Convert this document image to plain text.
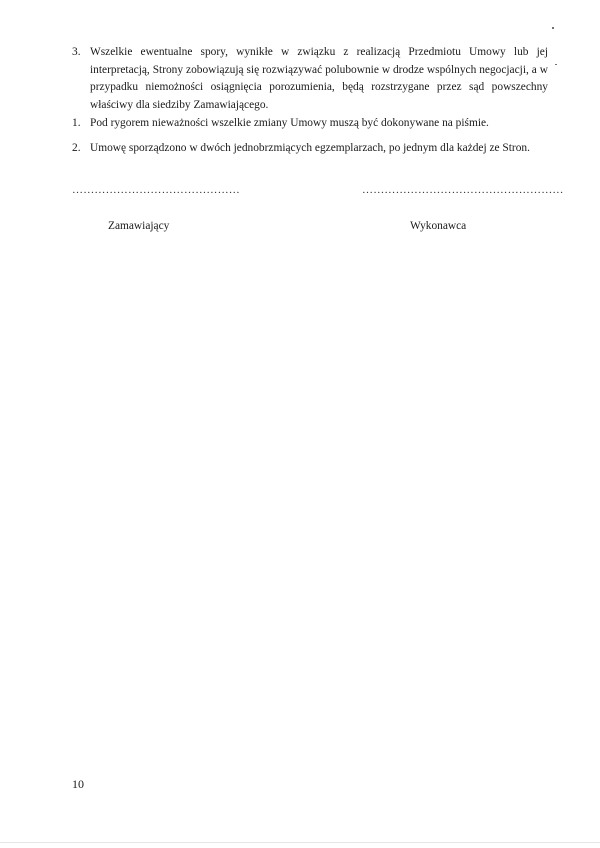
3. Wszelkie ewentualne spory, wynikłe w związku z realizacją Przedmiotu Umowy lub jej interpretacją, Strony zobowiązują się rozwiązywać polubownie w drodze wspólnych negocjacji, a w przypadku niemożności osiągnięcia porozumienia, będą rozstrzygane przez sąd powszechny właściwy dla siedziby Zamawiającego.
1. Pod rygorem nieważności wszelkie zmiany Umowy muszą być dokonywane na piśmie.
2. Umowę sporządzono w dwóch jednobrzmiących egzemplarzach, po jednym dla każdej ze Stron.
………………………………………	………………………………………………
Zamawiający	Wykonawca
10
